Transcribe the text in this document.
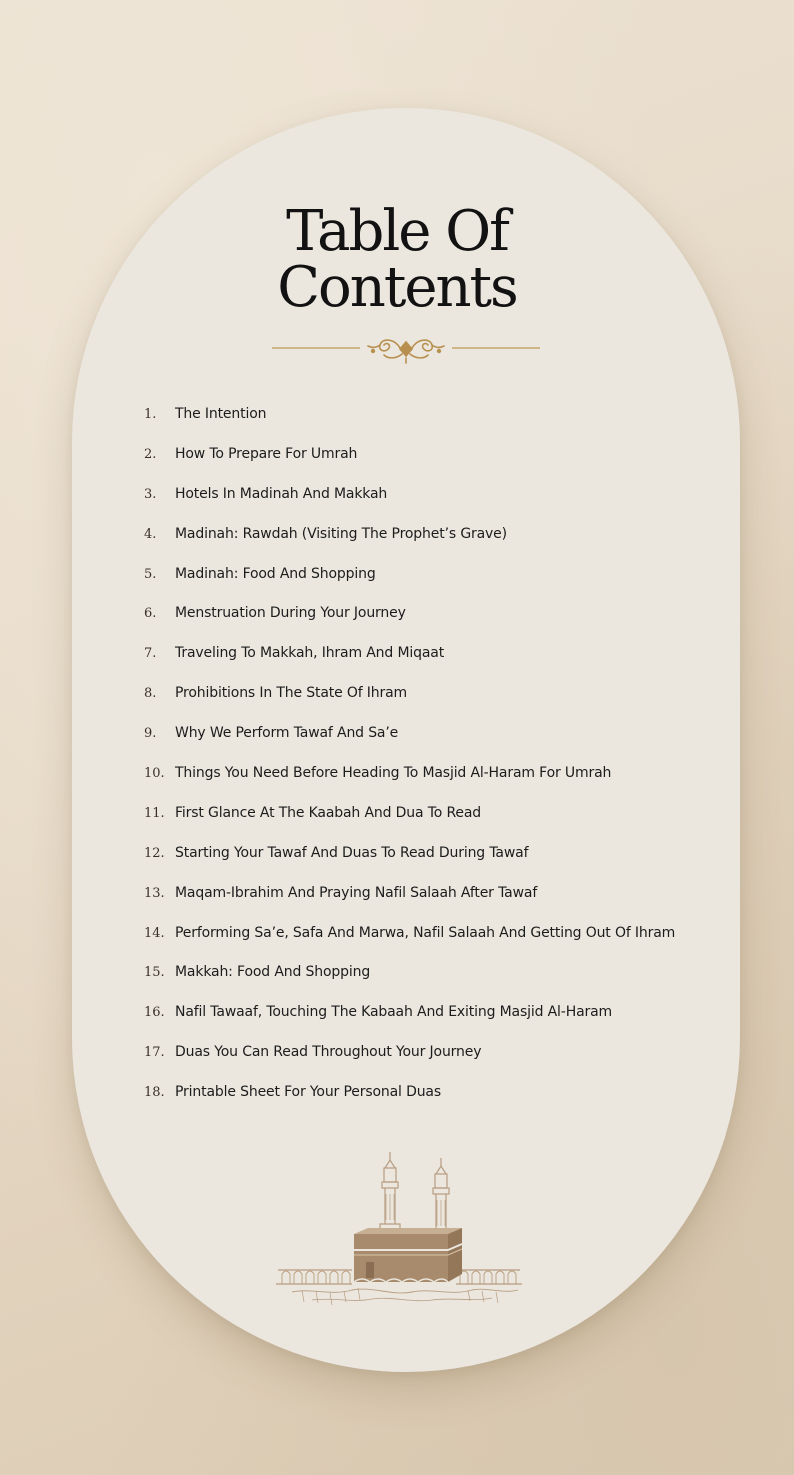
Table Of
Contents
1.	The Intention
2.	How To Prepare For Umrah
3.	Hotels In Madinah And Makkah
4.	Madinah: Rawdah (Visiting The Prophet’s Grave)
5.	Madinah: Food And Shopping
6.	Menstruation During Your Journey
7.	Traveling To Makkah, Ihram And Miqaat
8.	Prohibitions In The State Of Ihram
9.	Why We Perform Tawaf And Sa’e
10. Things You Need Before Heading To Masjid Al-Haram For Umrah
11. First Glance At The Kaabah And Dua To Read
12. Starting Your Tawaf And Duas To Read During Tawaf
13. Maqam-Ibrahim And Praying Nafil Salaah After Tawaf
14. Performing Sa’e, Safa And Marwa, Nafil Salaah And Getting Out Of Ihram
15. Makkah: Food And Shopping
16. Nafil Tawaaf, Touching The Kabaah And Exiting Masjid Al-Haram
17. Duas You Can Read Throughout Your Journey
18. Printable Sheet For Your Personal Duas
